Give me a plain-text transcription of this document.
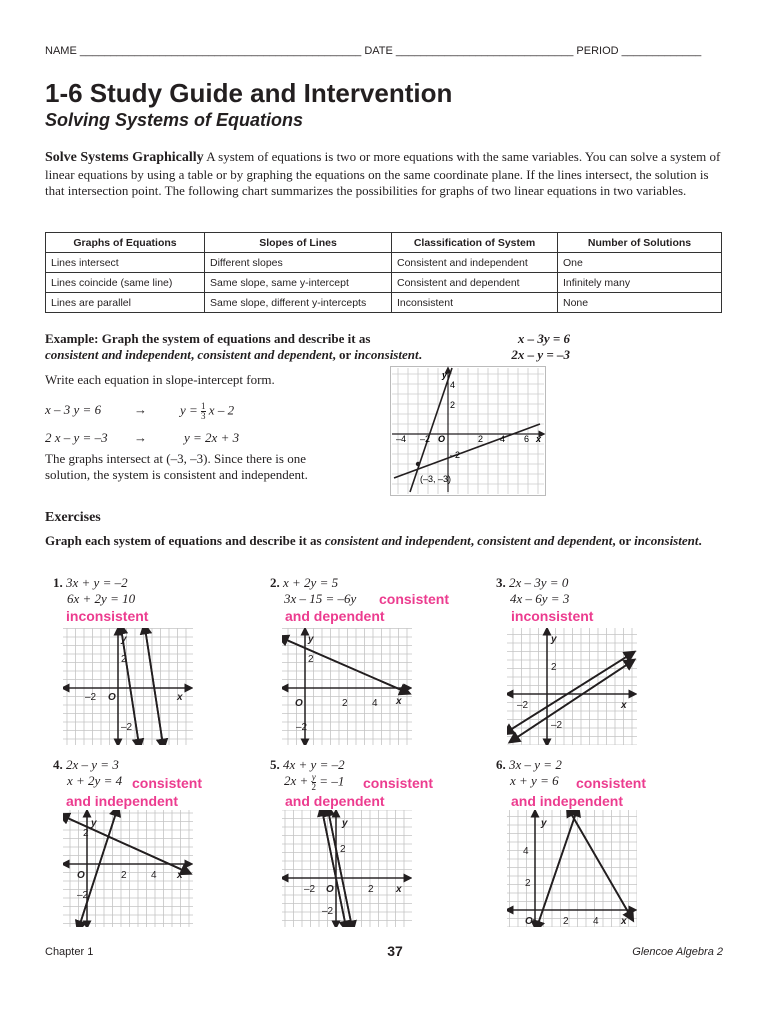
NAME ______________________________________________ DATE _____________________________ PERIOD _____________
1-6 Study Guide and Intervention
Solving Systems of Equations
Solve Systems Graphically A system of equations is two or more equations with the same variables. You can solve a system of linear equations by using a table or by graphing the equations on the same coordinate plane. If the lines intersect, the solution is that intersection point. The following chart summarizes the possibilities for graphs of two linear equations in two variables.
Graphs of Equations	Slopes of Lines	Classification of System	Number of Solutions
Lines intersect	Different slopes	Consistent and independent	One
Lines coincide (same line)	Same slope, same y-intercept	Consistent and dependent	Infinitely many
Lines are parallel	Same slope, different y-intercepts	Inconsistent	None
Example: Graph the system of equations and describe it as
consistent and independent, consistent and dependent, or inconsistent.
x – 3y = 6
2x – y = –3
Write each equation in slope-intercept form.
x – 3 y = 6	→	$y = \frac{1}{3}$ x – 2
2 x – y = –3 →	y = 2x + 3
The graphs intersect at (–3, –3). Since there is one
solution, the system is consistent and independent.
–4 –2	2 4 6 x
y
4
2
–2
O
(–3, –3)
Exercises
Graph each system of equations and describe it as consistent and independent, consistent and dependent, or inconsistent.
1. 3x + y = –2
6x + 2y = 10
inconsistent
2. x + 2y = 5
3x – 15 = –6y consistent
and dependent
3. 2x – 3y = 0
4x – 6y = 3
inconsistent
4. 2x – y = 3
x + 2y = 4 consistent
and independent
5. 4x + y = –2
$2x + \frac{y}{2} = -1$ consistent
and dependent
6. 3x – y = 2
x + y = 6 consistent
and independent
–2 O
2
–2
x
y
O
2
2 4
–2
x
y
–2
2
–2
x
y
2
O	2 4
–2
x
y
2
–2 O	2
–2
x
y
4
2
O	2 4 x
y
Chapter 1	37	Glencoe Algebra 2
